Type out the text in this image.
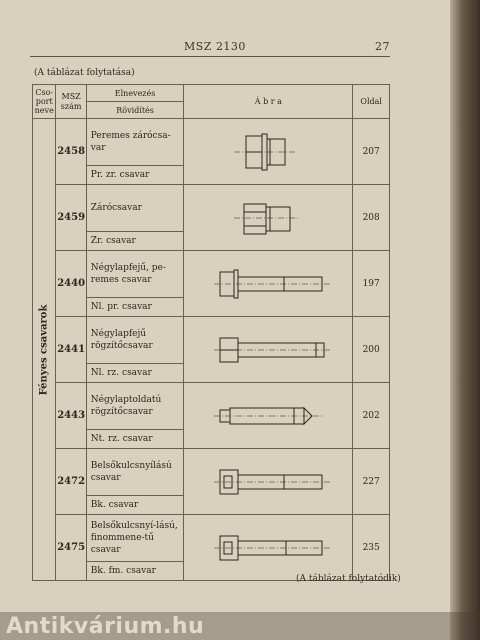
MSZ 2130	27
(A táblázat folytatása)
Cso-
port
neve	MSZ
szám	Elnevezés	Á b r a	Oldal
		Rövidítés		

Fényes csavarok	2458	Peremes zárócsa-var		207
		Pr. zr. csavar		
	2459	Zárócsavar		208
		Zr. csavar		
	2440	Négylapfejű, pe-remes csavar		197
		Nl. pr. csavar		
	2441	Négylapfejű rögzítőcsavar		200
		Nl. rz. csavar		
	2443	Négylaptoldatú rögzítőcsavar		202
		Nt. rz. csavar		
	2472	Belsőkulcsnyílású csavar		227
		Bk. csavar		
	2475	Belsőkulcsnyí-lású, finommene-tű csavar		235
		Bk. fm. csavar		
(A táblázat folytatódik)
Antikvárium.hu
